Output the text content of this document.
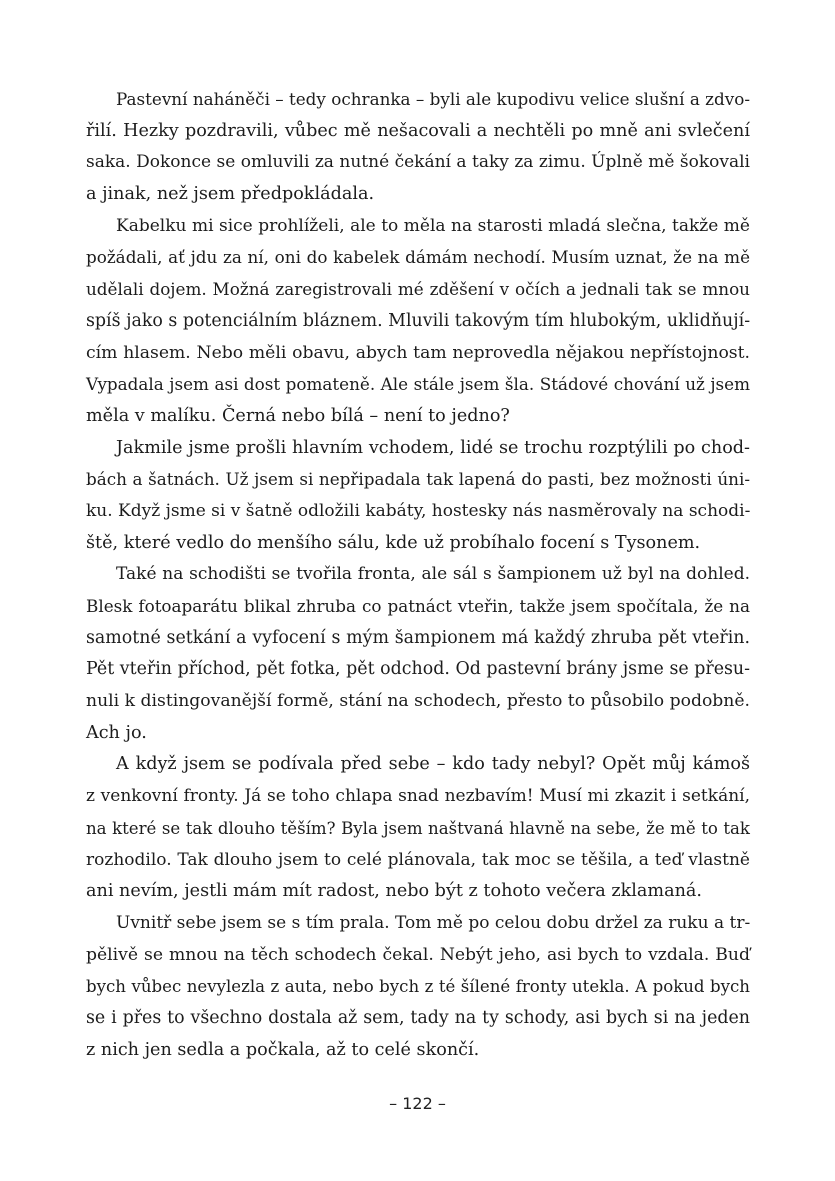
Pastevní naháněči – tedy ochranka – byli ale kupodivu velice slušní a zdvo-
řilí. Hezky pozdravili, vůbec mě nešacovali a nechtěli po mně ani svlečení
saka. Dokonce se omluvili za nutné čekání a taky za zimu. Úplně mě šokovali
a jinak, než jsem předpokládala.
Kabelku mi sice prohlíželi, ale to měla na starosti mladá slečna, takže mě
požádali, ať jdu za ní, oni do kabelek dámám nechodí. Musím uznat, že na mě
udělali dojem. Možná zaregistrovali mé zděšení v očích a jednali tak se mnou
spíš jako s potenciálním bláznem. Mluvili takovým tím hlubokým, uklidňují-
cím hlasem. Nebo měli obavu, abych tam neprovedla nějakou nepřístojnost.
Vypadala jsem asi dost pomateně. Ale stále jsem šla. Stádové chování už jsem
měla v malíku. Černá nebo bílá – není to jedno?
Jakmile jsme prošli hlavním vchodem, lidé se trochu rozptýlili po chod-
bách a šatnách. Už jsem si nepřipadala tak lapená do pasti, bez možnosti úni-
ku. Když jsme si v šatně odložili kabáty, hostesky nás nasměrovaly na schodi-
ště, které vedlo do menšího sálu, kde už probíhalo focení s Tysonem.
Také na schodišti se tvořila fronta, ale sál s šampionem už byl na dohled.
Blesk fotoaparátu blikal zhruba co patnáct vteřin, takže jsem spočítala, že na
samotné setkání a vyfocení s mým šampionem má každý zhruba pět vteřin.
Pět vteřin příchod, pět fotka, pět odchod. Od pastevní brány jsme se přesu-
nuli k distingovanější formě, stání na schodech, přesto to působilo podobně.
Ach jo.
A když jsem se podívala před sebe – kdo tady nebyl? Opět můj kámoš
z venkovní fronty. Já se toho chlapa snad nezbavím! Musí mi zkazit i setkání,
na které se tak dlouho těším? Byla jsem naštvaná hlavně na sebe, že mě to tak
rozhodilo. Tak dlouho jsem to celé plánovala, tak moc se těšila, a teď vlastně
ani nevím, jestli mám mít radost, nebo být z tohoto večera zklamaná.
Uvnitř sebe jsem se s tím prala. Tom mě po celou dobu držel za ruku a tr-
pělivě se mnou na těch schodech čekal. Nebýt jeho, asi bych to vzdala. Buď
bych vůbec nevylezla z auta, nebo bych z té šílené fronty utekla. A pokud bych
se i přes to všechno dostala až sem, tady na ty schody, asi bych si na jeden
z nich jen sedla a počkala, až to celé skončí.
– 122 –
